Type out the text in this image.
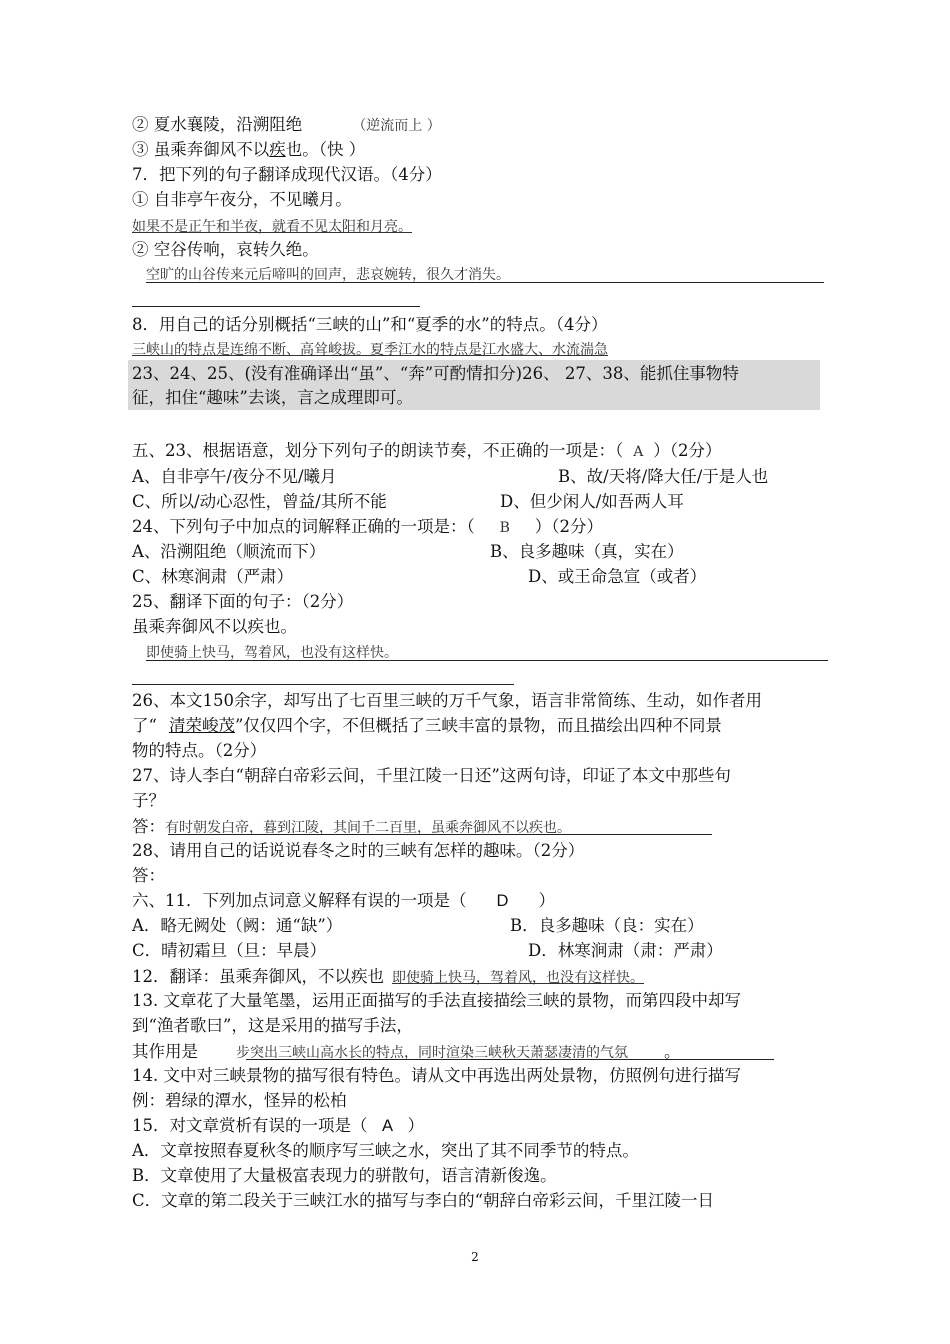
② 夏水襄陵，沿溯阻绝	（逆流而上 ）
③ 虽乘奔御风不以疾也。（快 ）
7．把下列的句子翻译成现代汉语。（4分）
① 自非亭午夜分，不见曦月。
如果不是正午和半夜，就看不见太阳和月亮。
② 空谷传响，哀转久绝。
空旷的山谷传来元后啼叫的回声，悲哀婉转，很久才消失。
8．用自己的话分别概括“三峡的山”和“夏季的水”的特点。（4分）
三峡山的特点是连绵不断、高耸峻拔。夏季江水的特点是江水盛大、水流湍急
23、24、25、(没有准确译出“虽”、“奔”可酌情扣分)26、 27、38、能抓住事物特
征，扣住“趣味”去谈，言之成理即可。
五、23、根据语意，划分下列句子的朗读节奏，不正确的一项是：（ A ）（2分）
A、自非亭午/夜分不见/曦月	B、故/天将/降大任/于是人也
C、所以/动心忍性，曾益/其所不能	D、但少闲人/如吾两人耳
24、下列句子中加点的词解释正确的一项是：（ B ）（2分）
A、沿溯阻绝（顺流而下）	B、良多趣味（真，实在）
C、林寒涧肃（严肃）	D、或王命急宣（或者）
25、翻译下面的句子：（2分）
虽乘奔御风不以疾也。
即使骑上快马，驾着风，也没有这样快。
26、本文150余字，却写出了七百里三峡的万千气象，语言非常简练、生动，如作者用
了“ 清荣峻茂”仅仅四个字，不但概括了三峡丰富的景物，而且描绘出四种不同景
物的特点。（2分）
27、诗人李白“朝辞白帝彩云间，千里江陵一日还”这两句诗，印证了本文中那些句
子？
答：有时朝发白帝，暮到江陵，其间千二百里，虽乘奔御风不以疾也。
28、请用自己的话说说春冬之时的三峡有怎样的趣味。（2分）
答：
六、11．下列加点词意义解释有误的一项是（ D ）
A．略无阙处（阙：通“缺”）	B．良多趣味（良：实在）
C．晴初霜旦（旦：早晨）	D．林寒涧肃（肃：严肃）
12．翻译：虽乘奔御风，不以疾也 即使骑上快马，驾着风，也没有这样快。
13. 文章花了大量笔墨，运用正面描写的手法直接描绘三峡的景物，而第四段中却写
到“渔者歌曰”，这是采用的描写手法，
其作用是	步突出三峡山高水长的特点，同时渲染三峡秋天萧瑟凄清的气氛 。
14. 文中对三峡景物的描写很有特色。请从文中再选出两处景物，仿照例句进行描写
例：碧绿的潭水，怪异的松柏
15．对文章赏析有误的一项是（ A ）
A．文章按照春夏秋冬的顺序写三峡之水，突出了其不同季节的特点。
B．文章使用了大量极富表现力的骈散句，语言清新俊逸。
C．文章的第二段关于三峡江水的描写与李白的“朝辞白帝彩云间，千里江陵一日
2
